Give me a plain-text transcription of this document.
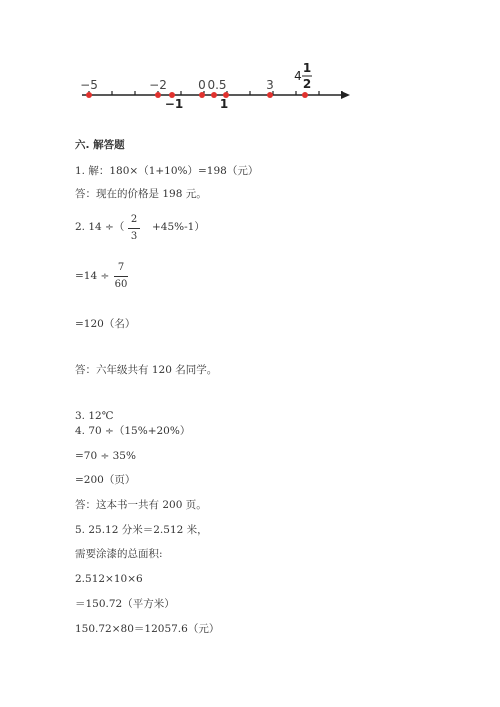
−5	−2	0 0.5	3
−1	1
4
1
2
六. 解答题
1. 解：180×（1+10%）=198（元）
答：现在的价格是 198 元。
2. 14 ÷（
2
3
+45%-1）
=14 ÷
7
60
=120（名）
答：六年级共有 120 名同学。
3. 12℃
4. 70 ÷（15%+20%）
=70 ÷ 35%
=200（页）
答：这本书一共有 200 页。
5. 25.12 分米＝2.512 米，
需要涂漆的总面积:
2.512×10×6
＝150.72（平方米）
150.72×80＝12057.6（元）
